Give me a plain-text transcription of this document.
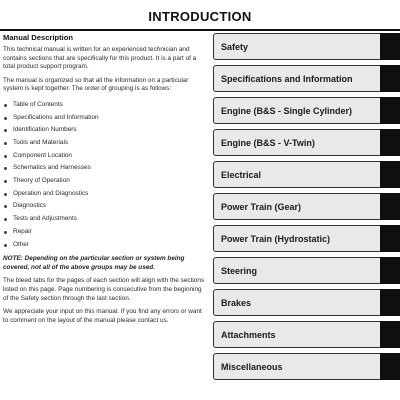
INTRODUCTION
Manual Description

This technical manual is written for an experienced technician and contains sections that are specifically for this product. It is a part of a total product support program.

The manual is organized so that all the information on a particular system is kept together. The order of grouping is as follows:

Table of Contents
Specifications and Information
Identification Numbers
Tools and Materials
Component Location
Schematics and Harnesses
Theory of Operation
Operation and Diagnostics
Diagnostics
Tests and Adjustments
Repair
Other

NOTE: Depending on the particular section or system being covered, not all of the above groups may be used.

The bleed tabs for the pages of each section will align with the sections listed on this page. Page numbering is consecutive from the beginning of the Safety section through the last section.

We appreciate your input on this manual. If you find any errors or want to comment on the layout of the manual please contact us.

Safety
Specifications and Information
Engine (B&S - Single Cylinder)
Engine (B&S - V-Twin)
Electrical
Power Train (Gear)
Power Train (Hydrostatic)
Steering
Brakes
Attachments
Miscellaneous
